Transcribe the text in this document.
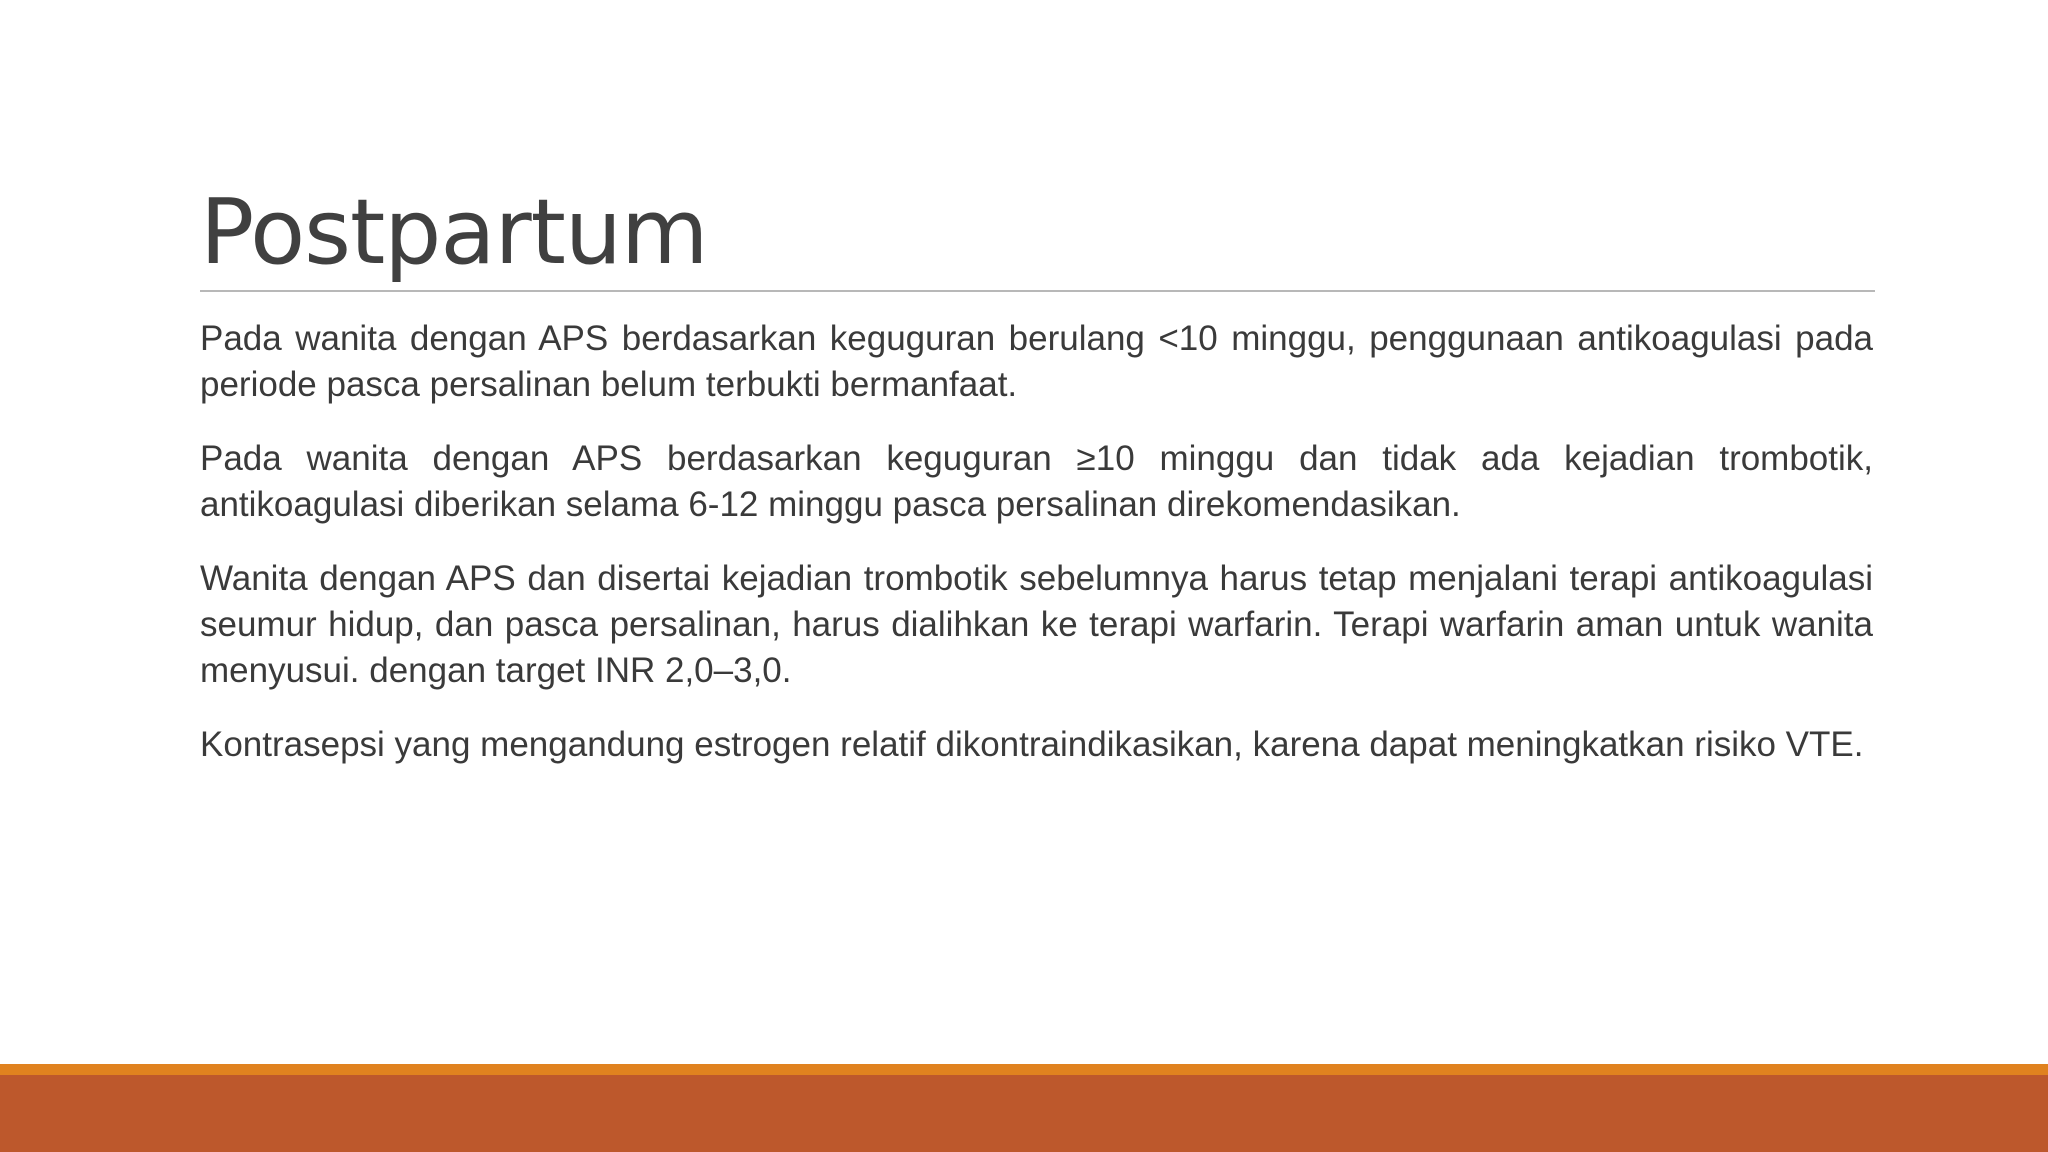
Postpartum

Pada wanita dengan APS berdasarkan keguguran berulang <10 minggu, penggunaan antikoagulasi pada periode pasca persalinan belum terbukti bermanfaat.

Pada wanita dengan APS berdasarkan keguguran ≥10 minggu dan tidak ada kejadian trombotik, antikoagulasi diberikan selama 6-12 minggu pasca persalinan direkomendasikan.

Wanita dengan APS dan disertai kejadian trombotik sebelumnya harus tetap menjalani terapi antikoagulasi seumur hidup, dan pasca persalinan, harus dialihkan ke terapi warfarin. Terapi warfarin aman untuk wanita menyusui. dengan target INR 2,0–3,0.

Kontrasepsi yang mengandung estrogen relatif dikontraindikasikan, karena dapat meningkatkan risiko VTE.
